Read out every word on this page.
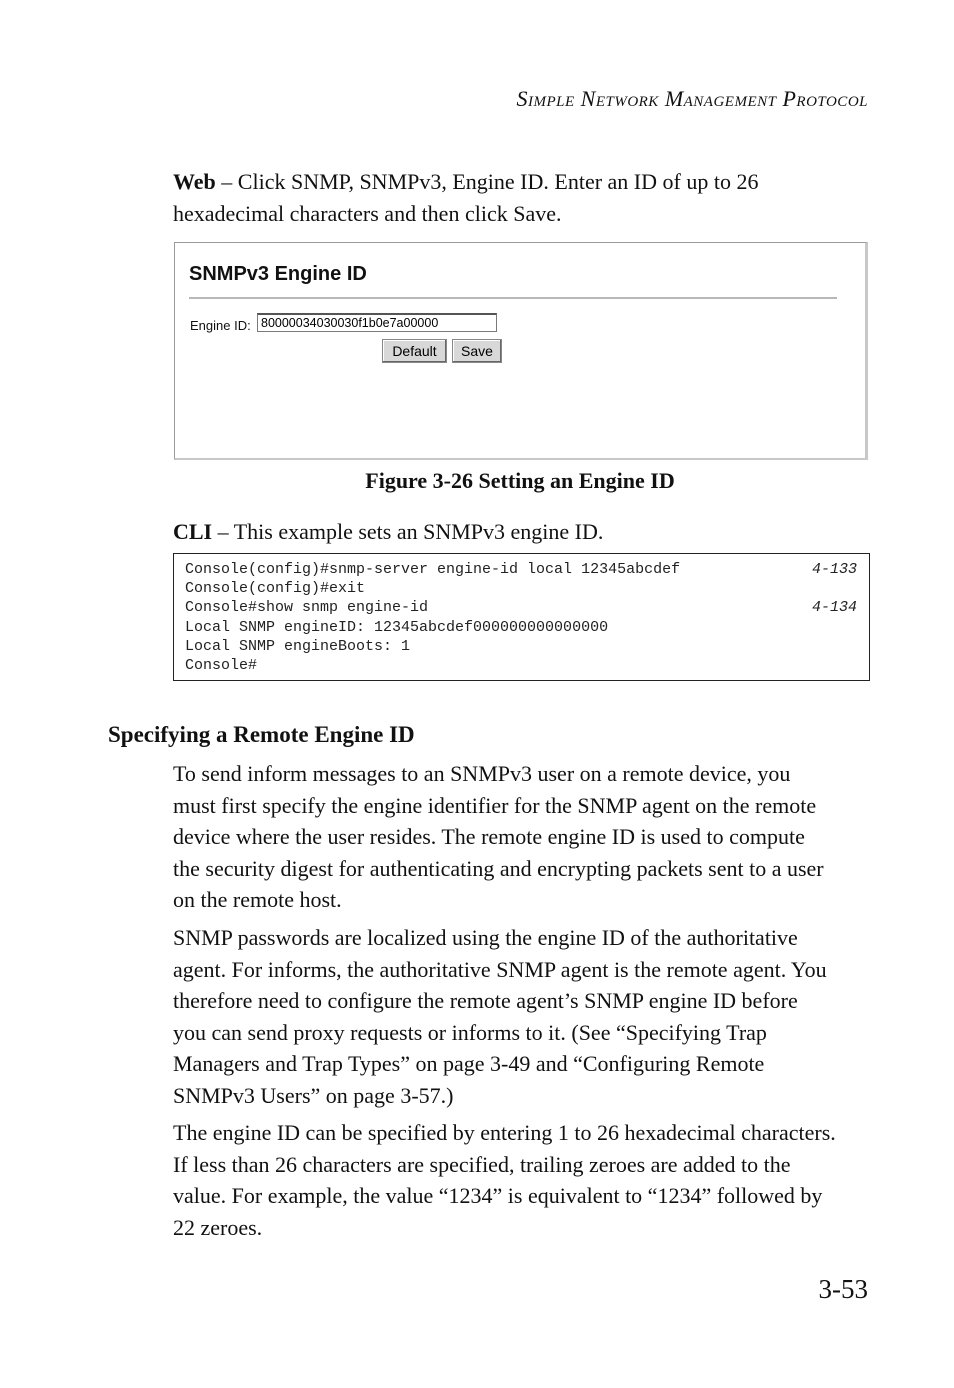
Simple Network Management Protocol
Web – Click SNMP, SNMPv3, Engine ID. Enter an ID of up to 26
hexadecimal characters and then click Save.
SNMPv3 Engine ID
Engine ID:
80000034030030f1b0e7a00000
Default	Save
Figure 3-26 Setting an Engine ID
CLI – This example sets an SNMPv3 engine ID.
Console(config)#snmp-server engine-id local 12345abcdef	4-133
Console(config)#exit
Console#show snmp engine-id	4-134
Local SNMP engineID: 12345abcdef000000000000000
Local SNMP engineBoots: 1
Console#
Specifying a Remote Engine ID
To send inform messages to an SNMPv3 user on a remote device, you
must first specify the engine identifier for the SNMP agent on the remote
device where the user resides. The remote engine ID is used to compute
the security digest for authenticating and encrypting packets sent to a user
on the remote host.
SNMP passwords are localized using the engine ID of the authoritative
agent. For informs, the authoritative SNMP agent is the remote agent. You
therefore need to configure the remote agent’s SNMP engine ID before
you can send proxy requests or informs to it. (See “Specifying Trap
Managers and Trap Types” on page 3-49 and “Configuring Remote
SNMPv3 Users” on page 3-57.)
The engine ID can be specified by entering 1 to 26 hexadecimal characters.
If less than 26 characters are specified, trailing zeroes are added to the
value. For example, the value “1234” is equivalent to “1234” followed by
22 zeroes.
3-53
